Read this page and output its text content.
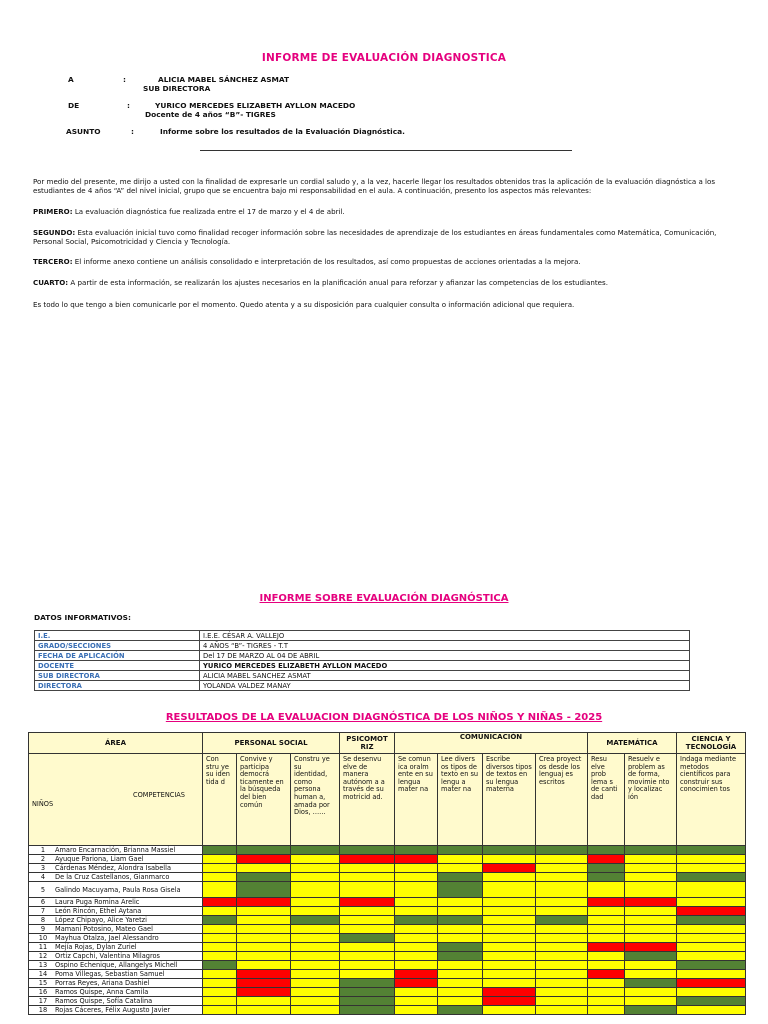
INFORME DE EVALUACIÓN DIAGNOSTICA
A	:	ALICIA MABEL SÁNCHEZ ASMAT
SUB DIRECTORA
DE	:	YURICO MERCEDES ELIZABETH AYLLON MACEDO
Docente de 4 años “B”- TIGRES
ASUNTO	:	Informe sobre los resultados de la Evaluación Diagnóstica.
Por medio del presente, me dirijo a usted con la finalidad de expresarle un cordial saludo y, a la vez, hacerle llegar los resultados obtenidos tras la aplicación de la evaluación diagnóstica a los estudiantes de 4 años “A” del nivel inicial, grupo que se encuentra bajo mi responsabilidad en el aula. A continuación, presento los aspectos más relevantes:
PRIMERO: La evaluación diagnóstica fue realizada entre el 17 de marzo y el 4 de abril.
SEGUNDO: Esta evaluación inicial tuvo como finalidad recoger información sobre las necesidades de aprendizaje de los estudiantes en áreas fundamentales como Matemática, Comunicación, Personal Social, Psicomotricidad y Ciencia y Tecnología.
TERCERO: El informe anexo contiene un análisis consolidado e interpretación de los resultados, así como propuestas de acciones orientadas a la mejora.
CUARTO: A partir de esta información, se realizarán los ajustes necesarios en la planificación anual para reforzar y afianzar las competencias de los estudiantes.
Es todo lo que tengo a bien comunicarle por el momento. Quedo atenta y a su disposición para cualquier consulta o información adicional que requiera.
INFORME SOBRE EVALUACIÓN DIAGNÓSTICA
DATOS INFORMATIVOS:
I.E.	I.E.E. CÉSAR A. VALLEJO
GRADO/SECCIONES	4 AÑOS “B”- TIGRES - T.T
FECHA DE APLICACIÓN	Del 17 DE MARZO AL 04 DE ABRIL
DOCENTE	YURICO MERCEDES ELIZABETH AYLLON MACEDO
SUB DIRECTORA	ALICIA MABEL SANCHEZ ASMAT
DIRECTORA	YOLANDA VALDEZ MANAY
RESULTADOS DE LA EVALUACION DIAGNÓSTICA DE LOS NIÑOS Y NIÑAS - 2025
ÁREA	PERSONAL SOCIAL			PSICOMOT RIZ	COMUNICACIÓN				MATEMÁTICA		CIENCIA Y TECNOLOGÍA

COMPETENCIAS
NIÑOS	Con stru ye su iden tida d	Convive y participa democrá ticamente en la búsqueda del bien común	Constru ye su identidad, como persona human a, amada por Dios, ……	Se desenvu elve de manera autónom a a través de su motricid ad.	Se comun ica oralm ente en su lengua mater na	Lee divers os tipos de texto en su lengu a mater na	Escribe diversos tipos de textos en su lengua materna	Crea proyect os desde los lenguaj es escritos	Resu elve prob lema s de canti dad	Resuelv e problem as de forma, movimie nto y localizac ión	Indaga mediante metodos científicos para construir sus conocimien tos
1 Amaro Encarnación, Brianna Massiel											
2 Ayuque Pariona, Liam Gael											
3 Cárdenas Méndez, Alondra Isabella											
4 De la Cruz Castellanos, Gianmarco											
5 Galindo Macuyama, Paula Rosa Gisela											
6 Laura Puga Romina Arelic											
7 León Rincón, Ethel Aytana											
8 López Chipayo, Alice Yaretzi											
9 Mamani Potosino, Mateo Gael											
10 Mayhua Otalza, Jael Alessandro											
11 Mejía Rojas, Dylan Zuriel											
12 Ortiz Capchi, Valentina Milagros											
13 Ospino Echenique, Allangelys Michell											
14 Poma Villegas, Sebastian Samuel											
15 Porras Reyes, Ariana Dashiel											
16 Ramos Quispe, Anna Camila											
17 Ramos Quispe, Sofía Catalina											
18 Rojas Cáceres, Félix Augusto Javier											
